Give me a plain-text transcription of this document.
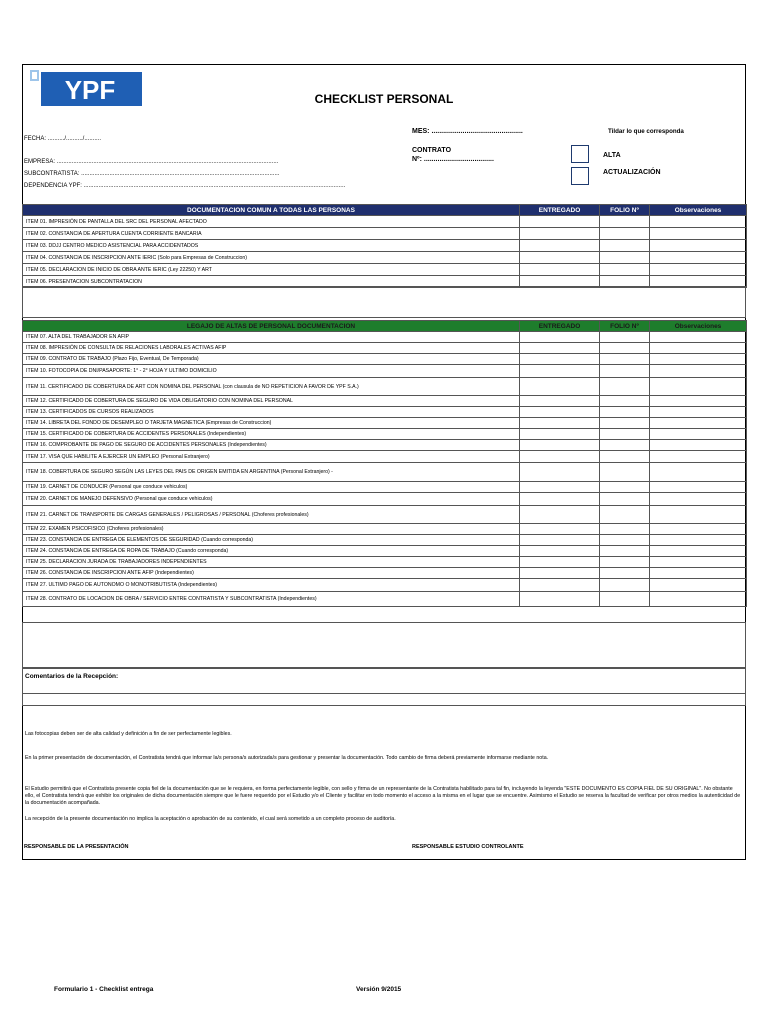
YPF	CHECKLIST PERSONAL
FECHA: ........../........../..........
EMPRESA: .....................................................................................................................................
SUBCONTRATISTA: .......................................................................................................................
DEPENDENCIA YPF: .............................................................................................................................................................
MES: ...............................................
CONTRATO
Nº: ....................................
Tildar lo que corresponda
ALTA
ACTUALIZACIÓN
DOCUMENTACION COMUN A TODAS LAS PERSONAS	ENTREGADO	FOLIO Nº	Observaciones
ITEM 01. IMPRESIÓN DE PANTALLA DEL SRC DEL PERSONAL AFECTADO			
ITEM 02. CONSTANCIA DE APERTURA CUENTA CORRIENTE BANCARIA			
ITEM 03. DDJJ CENTRO MEDICO ASISTENCIAL PARA ACCIDENTADOS			
ITEM 04. CONSTANCIA DE INSCRIPCION ANTE IERIC (Solo para Empresas de Construccion)			
ITEM 05. DECLARACION DE INICIO DE OBRA ANTE IERIC (Ley 22250) Y ART			
ITEM 06. PRESENTACION SUBCONTRATACION			
LEGAJO DE ALTAS DE PERSONAL DOCUMENTACION	ENTREGADO	FOLIO Nº	Observaciones
ITEM 07. ALTA DEL TRABAJADOR EN AFIP			
ITEM 08. IMPRESIÓN DE CONSULTA DE RELACIONES LABORALES ACTIVAS AFIP			
ITEM 09. CONTRATO DE TRABAJO (Plazo Fijo, Eventual, De Temporada)			
ITEM 10. FOTOCOPIA DE DNI/PASAPORTE: 1° - 2° HOJA Y ULTIMO DOMICILIO			
ITEM 11. CERTIFICADO DE COBERTURA DE ART CON NOMINA DEL PERSONAL (con clausula de NO REPETICION A FAVOR DE YPF S.A.)			
ITEM 12. CERTIFICADO DE COBERTURA DE SEGURO DE VIDA OBLIGATORIO CON NOMINA DEL PERSONAL			
ITEM 13. CERTIFICADOS DE CURSOS REALIZADOS			
ITEM 14. LIBRETA DEL FONDO DE DESEMPLEO O TARJETA MAGNETICA (Empresas de Construccion)			
ITEM 15. CERTIFICADO DE COBERTURA DE ACCIDENTES PERSONALES (Independientes)			
ITEM 16. COMPROBANTE DE PAGO DE SEGURO DE ACCIDENTES PERSONALES (Independientes)			
ITEM 17. VISA QUE HABILITE A EJERCER UN EMPLEO (Personal Extranjero)			
ITEM 18. COBERTURA DE SEGURO SEGÚN LAS LEYES DEL PAIS DE ORIGEN EMITIDA EN ARGENTINA (Personal Extranjero) -			
ITEM 19. CARNET DE CONDUCIR (Personal que conduce vehiculos)			
ITEM 20. CARNET DE MANEJO DEFENSIVO (Personal que conduce vehiculos)			
ITEM 21. CARNET DE TRANSPORTE DE CARGAS GENERALES / PELIGROSAS / PERSONAL (Choferes profesionales)			
ITEM 22. EXAMEN PSICOFISICO (Choferes profesionales)			
ITEM 23. CONSTANCIA DE ENTREGA DE ELEMENTOS DE SEGURIDAD (Cuando corresponda)			
ITEM 24. CONSTANCIA DE ENTREGA DE ROPA DE TRABAJO (Cuando corresponda)			
ITEM 25. DECLARACION JURADA DE TRABAJADORES INDEPENDIENTES			
ITEM 26. CONSTANCIA DE INSCRIPCION ANTE AFIP (Independientes)			
ITEM 27. ULTIMO PAGO DE AUTONOMO O MONOTRIBUTISTA (Independientes)			
ITEM 28. CONTRATO DE LOCACION DE OBRA / SERVICIO ENTRE CONTRATISTA Y SUBCONTRATISTA (Independientes)			
Comentarios de la Recepción:
Las fotocopias deben ser de alta calidad y definición a fin de ser perfectamente legibles.
En la primer presentación de documentación, el Contratista tendrá que informar la/s persona/s autorizada/s para gestionar y presentar la documentación. Todo cambio de firma deberá previamente informarse mediante nota.
El Estudio permitirá que el Contratista presente copia fiel de la documentación que se le requiera, en forma perfectamente legible, con sello y firma de un representante de la Contratista habilitado para tal fin, incluyendo la leyenda "ESTE DOCUMENTO ES COPIA FIEL DE SU ORIGINAL". No obstante ello, el Contratista tendrá que exhibir los originales de dicha documentación siempre que le fuere requerido por el Estudio y/o el Cliente y facilitar en todo momento el acceso a la misma en el lugar que se encuentre. Asimismo el Estudio se reserva la facultad de verificar por otros medios la autenticidad de la documentación acompañada.
La recepción de la presente documentación no implica la aceptación o aprobación de su contenido, el cual será sometido a un completo proceso de auditoría.
RESPONSABLE DE LA PRESENTACIÓN	RESPONSABLE ESTUDIO CONTROLANTE
Formulario 1 - Checklist entrega	Versión 9/2015
